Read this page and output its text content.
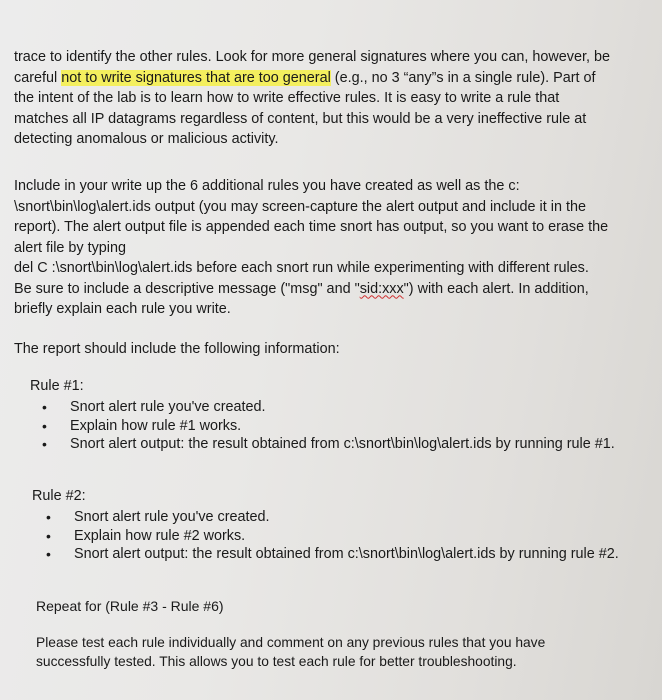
trace to identify the other rules. Look for more general signatures where you can, however, be
careful not to write signatures that are too general (e.g., no 3 “any”s in a single rule). Part of
the intent of the lab is to learn how to write effective rules. It is easy to write a rule that
matches all IP datagrams regardless of content, but this would be a very ineffective rule at
detecting anomalous or malicious activity.

Include in your write up the 6 additional rules you have created as well as the c:
\snort\bin\log\alert.ids output (you may screen-capture the alert output and include it in the
report). The alert output file is appended each time snort has output, so you want to erase the
alert file by typing
del C :\snort\bin\log\alert.ids before each snort run while experimenting with different rules.
Be sure to include a descriptive message ("msg" and "sid:xxx") with each alert. In addition,
briefly explain each rule you write.

The report should include the following information:

Rule #1:

• Snort alert rule you've created.
• Explain how rule #1 works.
• Snort alert output: the result obtained from c:\snort\bin\log\alert.ids by running rule #1.

Rule #2:

• Snort alert rule you've created.
• Explain how rule #2 works.
• Snort alert output: the result obtained from c:\snort\bin\log\alert.ids by running rule #2.

Repeat for (Rule #3 - Rule #6)

Please test each rule individually and comment on any previous rules that you have
successfully tested. This allows you to test each rule for better troubleshooting.
